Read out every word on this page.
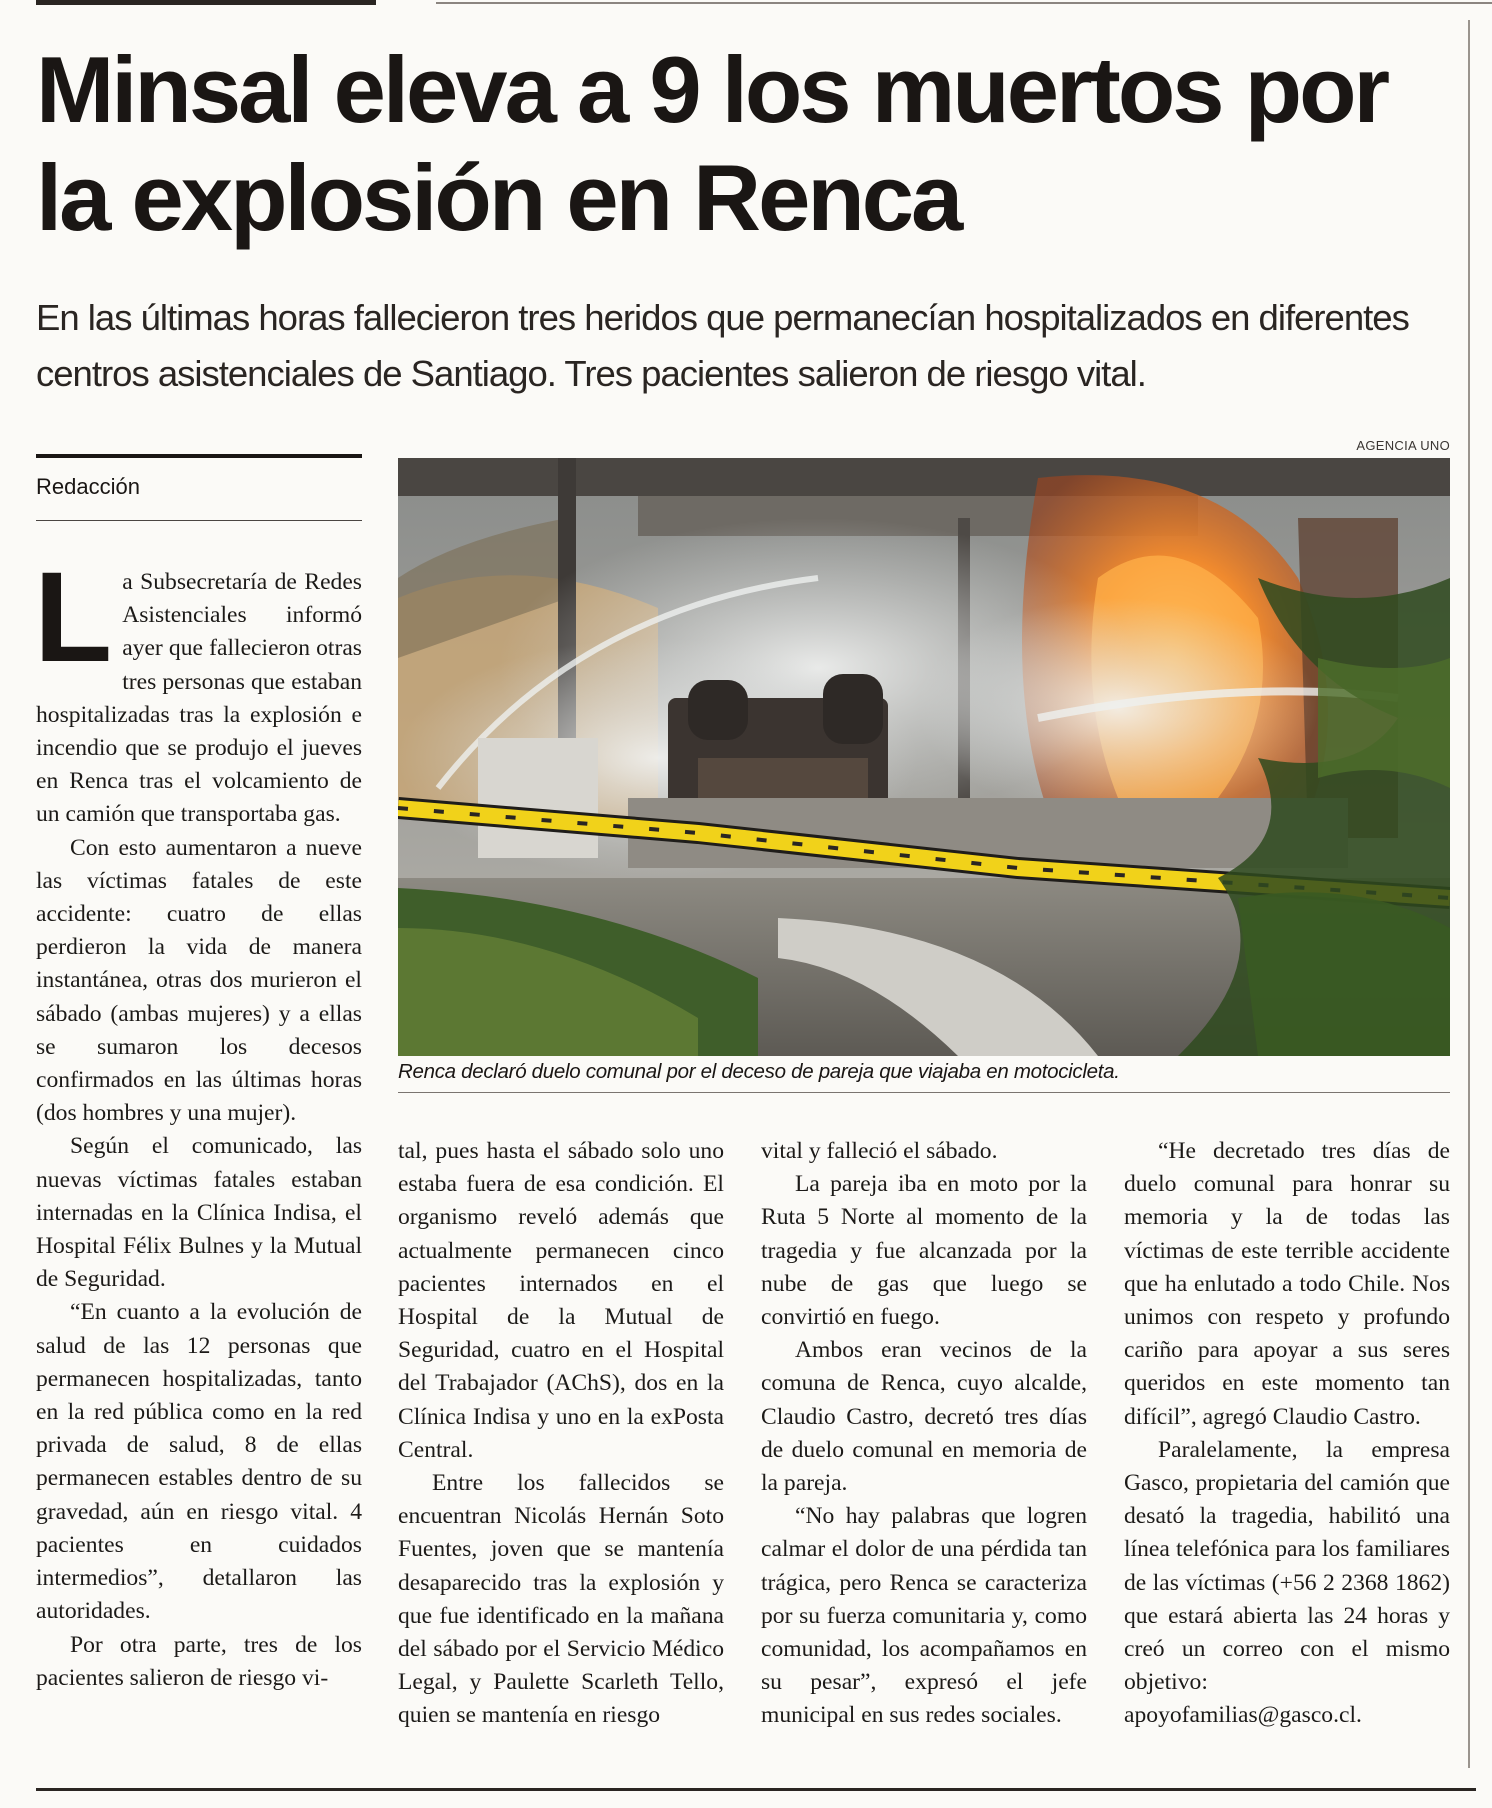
Minsal eleva a 9 los muertos por la explosión en Renca

En las últimas horas fallecieron tres heridos que permanecían hospitalizados en diferentes centros asistenciales de Santiago. Tres pacientes salieron de riesgo vital.

Redacción
AGENCIA UNO
Renca declaró duelo comunal por el deceso de pareja que viajaba en motocicleta.

La Subsecretaría de Redes Asistenciales informó ayer que fallecieron otras tres personas que estaban hospitalizadas tras la explosión e incendio que se produjo el jueves en Renca tras el volcamiento de un camión que transportaba gas.

Con esto aumentaron a nueve las víctimas fatales de este accidente: cuatro de ellas perdieron la vida de manera instantánea, otras dos murieron el sábado (ambas mujeres) y a ellas se sumaron los decesos confirmados en las últimas horas (dos hombres y una mujer).

Según el comunicado, las nuevas víctimas fatales estaban internadas en la Clínica Indisa, el Hospital Félix Bulnes y la Mutual de Seguridad.

“En cuanto a la evolución de salud de las 12 personas que permanecen hospitalizadas, tanto en la red pública como en la red privada de salud, 8 de ellas permanecen estables dentro de su gravedad, aún en riesgo vital. 4 pacientes en cuidados intermedios”, detallaron las autoridades.

Por otra parte, tres de los pacientes salieron de riesgo vi-

tal, pues hasta el sábado solo uno estaba fuera de esa condición. El organismo reveló además que actualmente permanecen cinco pacientes internados en el Hospital de la Mutual de Seguridad, cuatro en el Hospital del Trabajador (AChS), dos en la Clínica Indisa y uno en la exPosta Central.

Entre los fallecidos se encuentran Nicolás Hernán Soto Fuentes, joven que se mantenía desaparecido tras la explosión y que fue identificado en la mañana del sábado por el Servicio Médico Legal, y Paulette Scarleth Tello, quien se mantenía en riesgo

vital y falleció el sábado.

La pareja iba en moto por la Ruta 5 Norte al momento de la tragedia y fue alcanzada por la nube de gas que luego se convirtió en fuego.

Ambos eran vecinos de la comuna de Renca, cuyo alcalde, Claudio Castro, decretó tres días de duelo comunal en memoria de la pareja.

“No hay palabras que logren calmar el dolor de una pérdida tan trágica, pero Renca se caracteriza por su fuerza comunitaria y, como comunidad, los acompañamos en su pesar”, expresó el jefe municipal en sus redes sociales.

“He decretado tres días de duelo comunal para honrar su memoria y la de todas las víctimas de este terrible accidente que ha enlutado a todo Chile. Nos unimos con respeto y profundo cariño para apoyar a sus seres queridos en este momento tan difícil”, agregó Claudio Castro.

Paralelamente, la empresa Gasco, propietaria del camión que desató la tragedia, habilitó una línea telefónica para los familiares de las víctimas (+56 2 2368 1862) que estará abierta las 24 horas y creó un correo con el mismo objetivo: apoyofamilias@gasco.cl.
